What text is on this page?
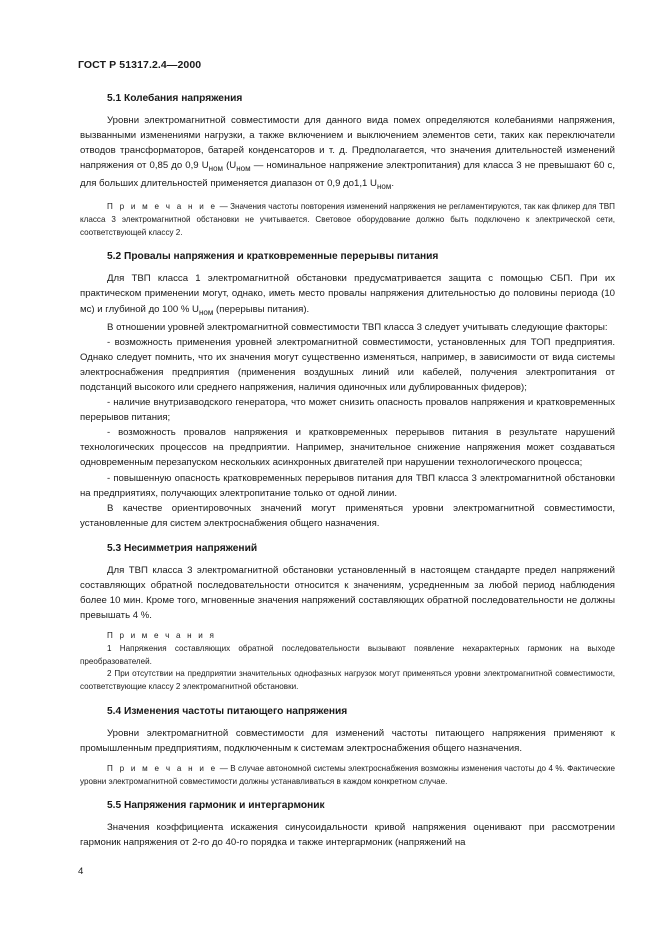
ГОСТ Р 51317.2.4—2000
5.1 Колебания напряжения

Уровни электромагнитной совместимости для данного вида помех определяются колебаниями напряжения, вызванными изменениями нагрузки, а также включением и выключением элементов сети, таких как переключатели отводов трансформаторов, батарей конденсаторов и т. д. Предполагается, что значения длительностей изменений напряжения от 0,85 до 0,9 $U_{ном}$ ($U_{ном}$ — номинальное напряжение электропитания) для класса 3 не превышают 60 с, для больших длительностей применяется диапазон от 0,9 до1,1 $U_{ном}$.

П р и м е ч а н и е — Значения частоты повторения изменений напряжения не регламентируются, так как фликер для ТВП класса 3 электромагнитной обстановки не учитывается. Световое оборудование должно быть подключено к электрической сети, соответствующей классу 2.

5.2 Провалы напряжения и кратковременные перерывы питания

Для ТВП класса 1 электромагнитной обстановки предусматривается защита с помощью СБП. При их практическом применении могут, однако, иметь место провалы напряжения длительностью до половины периода (10 мс) и глубиной до 100 % $U_{ном}$ (перерывы питания).

В отношении уровней электромагнитной совместимости ТВП класса 3 следует учитывать следующие факторы:

- возможность применения уровней электромагнитной совместимости, установленных для ТОП предприятия. Однако следует помнить, что их значения могут существенно изменяться, например, в зависимости от вида системы электроснабжения предприятия (применения воздушных линий или кабелей, получения электропитания от подстанций высокого или среднего напряжения, наличия одиночных или дублированных фидеров);

- наличие внутризаводского генератора, что может снизить опасность провалов напряжения и кратковременных перерывов питания;

- возможность провалов напряжения и кратковременных перерывов питания в результате нарушений технологических процессов на предприятии. Например, значительное снижение напряжения может создаваться одновременным перезапуском нескольких асинхронных двигателей при нарушении технологического процесса;

- повышенную опасность кратковременных перерывов питания для ТВП класса 3 электромагнитной обстановки на предприятиях, получающих электропитание только от одной линии.

В качестве ориентировочных значений могут применяться уровни электромагнитной совместимости, установленные для систем электроснабжения общего назначения.

5.3 Несимметрия напряжений

Для ТВП класса 3 электромагнитной обстановки установленный в настоящем стандарте предел напряжений составляющих обратной последовательности относится к значениям, усредненным за любой период наблюдения более 10 мин. Кроме того, мгновенные значения напряжений составляющих обратной последовательности не должны превышать 4 %.

П р и м е ч а н и я

1 Напряжения составляющих обратной последовательности вызывают появление нехарактерных гармоник на выходе преобразователей.

2 При отсутствии на предприятии значительных однофазных нагрузок могут применяться уровни электромагнитной совместимости, соответствующие классу 2 электромагнитной обстановки.

5.4 Изменения частоты питающего напряжения

Уровни электромагнитной совместимости для изменений частоты питающего напряжения применяют к промышленным предприятиям, подключенным к системам электроснабжения общего назначения.

П р и м е ч а н и е — В случае автономной системы электроснабжения возможны изменения частоты до 4 %. Фактические уровни электромагнитной совместимости должны устанавливаться в каждом конкретном случае.

5.5 Напряжения гармоник и интергармоник

Значения коэффициента искажения синусоидальности кривой напряжения оценивают при рассмотрении гармоник напряжения от 2-го до 40-го порядка и также интергармоник (напряжений на

4
